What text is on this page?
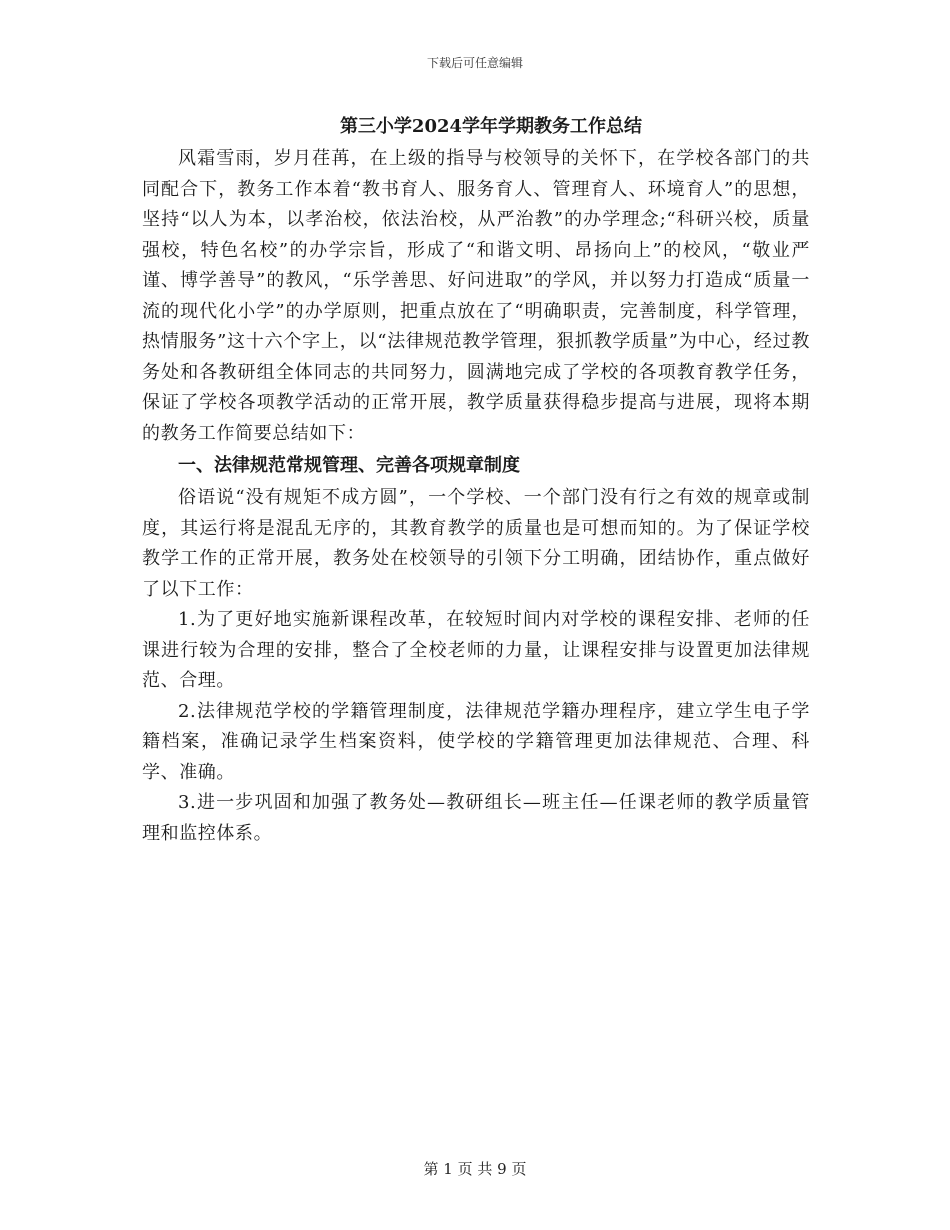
下载后可任意编辑

第三小学2024学年学期教务工作总结

风霜雪雨，岁月荏苒，在上级的指导与校领导的关怀下，在学校各部门的共同配合下，教务工作本着“教书育人、服务育人、管理育人、环境育人”的思想，坚持“以人为本，以孝治校，依法治校，从严治教”的办学理念;“科研兴校，质量强校，特色名校”的办学宗旨，形成了“和谐文明、昂扬向上”的校风，“敬业严谨、博学善导”的教风，“乐学善思、好问进取”的学风，并以努力打造成“质量一流的现代化小学”的办学原则，把重点放在了“明确职责，完善制度，科学管理，热情服务”这十六个字上，以“法律规范教学管理，狠抓教学质量”为中心，经过教务处和各教研组全体同志的共同努力，圆满地完成了学校的各项教育教学任务，保证了学校各项教学活动的正常开展，教学质量获得稳步提高与进展，现将本期的教务工作简要总结如下：

一、法律规范常规管理、完善各项规章制度

俗语说“没有规矩不成方圆”，一个学校、一个部门没有行之有效的规章或制度，其运行将是混乱无序的，其教育教学的质量也是可想而知的。为了保证学校教学工作的正常开展，教务处在校领导的引领下分工明确，团结协作，重点做好了以下工作：

1.为了更好地实施新课程改革，在较短时间内对学校的课程安排、老师的任课进行较为合理的安排，整合了全校老师的力量，让课程安排与设置更加法律规范、合理。

2.法律规范学校的学籍管理制度，法律规范学籍办理程序，建立学生电子学籍档案，准确记录学生档案资料，使学校的学籍管理更加法律规范、合理、科学、准确。

3.进一步巩固和加强了教务处—教研组长—班主任—任课老师的教学质量管理和监控体系。

第 1 页 共 9 页
